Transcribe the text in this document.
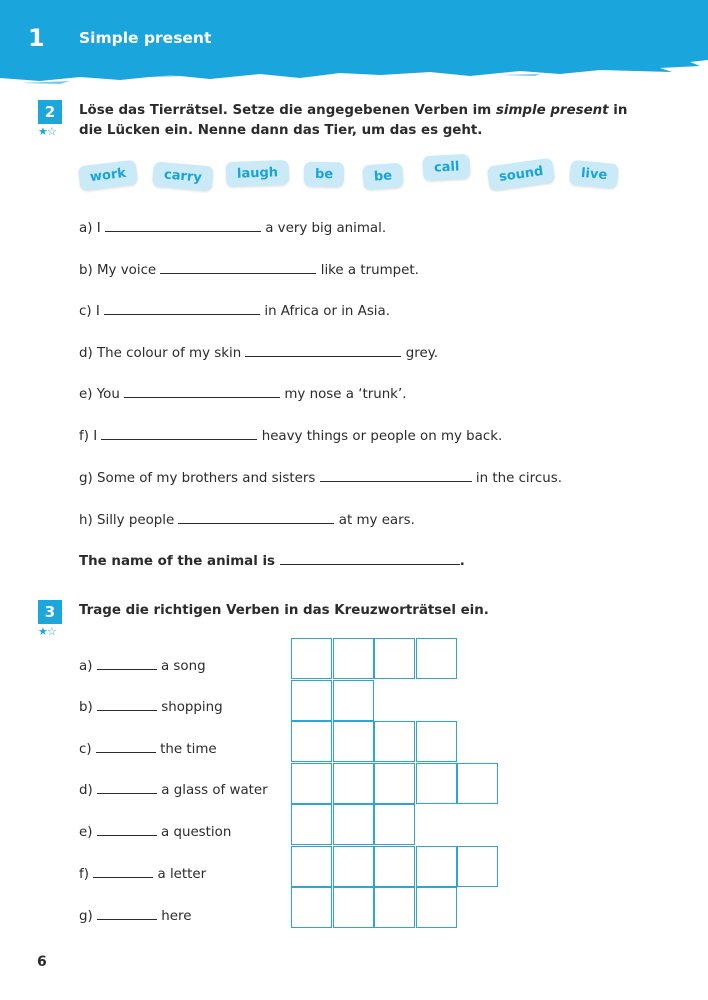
1 Simple present
2
★☆
Löse das Tierrätsel. Setze die angegebenen Verben im simple present in
die Lücken ein. Nenne dann das Tier, um das es geht.
work	carry	laugh	be	be
call	sound	live
a) I	a very big animal.
b) My voice	like a trumpet.
c) I	in Africa or in Asia.
d) The colour of my skin	grey.
e) You	my nose a ‘trunk’.
f) I	heavy things or people on my back.
g) Some of my brothers and sisters	in the circus.
h) Silly people	at my ears.
The name of the animal is	.
3
★☆
Trage die richtigen Verben in das Kreuzworträtsel ein.
a)	a song
b)	shopping
c)	the time
d)	a glass of water
e)	a question
f)	a letter
g)	here
6
